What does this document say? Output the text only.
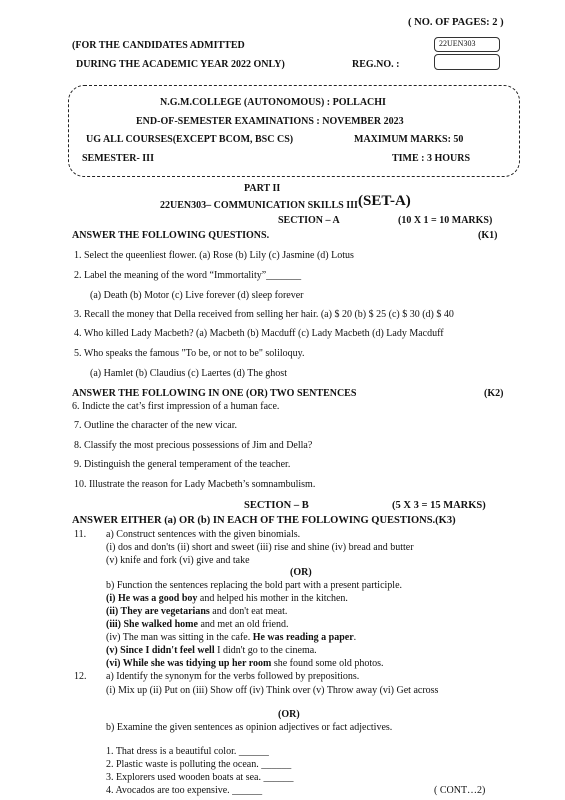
( NO. OF PAGES: 2 )
(FOR THE CANDIDATES ADMITTED
DURING THE ACADEMIC YEAR 2022 ONLY)
22UEN303
REG.NO. :
N.G.M.COLLEGE (AUTONOMOUS) : POLLACHI
END-OF-SEMESTER EXAMINATIONS : NOVEMBER 2023
UG ALL COURSES(EXCEPT BCOM, BSC CS)	MAXIMUM MARKS: 50
SEMESTER- III	TIME : 3 HOURS
PART II
22UEN303– COMMUNICATION SKILLS III (SET-A)
SECTION – A	(10 X 1 = 10 MARKS)
ANSWER THE FOLLOWING QUESTIONS.	(K1)
1. Select the queenliest flower. (a) Rose (b) Lily (c) Jasmine (d) Lotus
2. Label the meaning of the word “Immortality”_______
(a) Death (b) Motor (c) Live forever (d) sleep forever
3. Recall the money that Della received from selling her hair. (a) $ 20 (b) $ 25 (c) $ 30 (d) $ 40
4. Who killed Lady Macbeth? (a) Macbeth (b) Macduff (c) Lady Macbeth (d) Lady Macduff
5. Who speaks the famous "To be, or not to be" soliloquy.
(a) Hamlet (b) Claudius (c) Laertes (d) The ghost
ANSWER THE FOLLOWING IN ONE (OR) TWO SENTENCES	(K2)
6. Indicte the cat’s first impression of a human face.
7. Outline the character of the new vicar.
8. Classify the most precious possessions of Jim and Della?
9. Distinguish the general temperament of the teacher.
10. Illustrate the reason for Lady Macbeth’s somnambulism.
SECTION – B	(5 X 3 = 15 MARKS)
ANSWER EITHER (a) OR (b) IN EACH OF THE FOLLOWING QUESTIONS.(K3)
11. a) Construct sentences with the given binomials.
(i) dos and don'ts (ii) short and sweet (iii) rise and shine (iv) bread and butter
(v) knife and fork (vi) give and take
(OR)
b) Function the sentences replacing the bold part with a present participle.
(i) He was a good boy and helped his mother in the kitchen.
(ii) They are vegetarians and don't eat meat.
(iii) She walked home and met an old friend.
(iv) The man was sitting in the cafe. He was reading a paper.
(v) Since I didn't feel well I didn't go to the cinema.
(vi) While she was tidying up her room she found some old photos.
12. a) Identify the synonym for the verbs followed by prepositions.
(i) Mix up (ii) Put on (iii) Show off (iv) Think over (v) Throw away (vi) Get across
(OR)
b) Examine the given sentences as opinion adjectives or fact adjectives.
1. That dress is a beautiful color. ______
2. Plastic waste is polluting the ocean. ______
3. Explorers used wooden boats at sea. ______
4. Avocados are too expensive. ______	( CONT…2)
